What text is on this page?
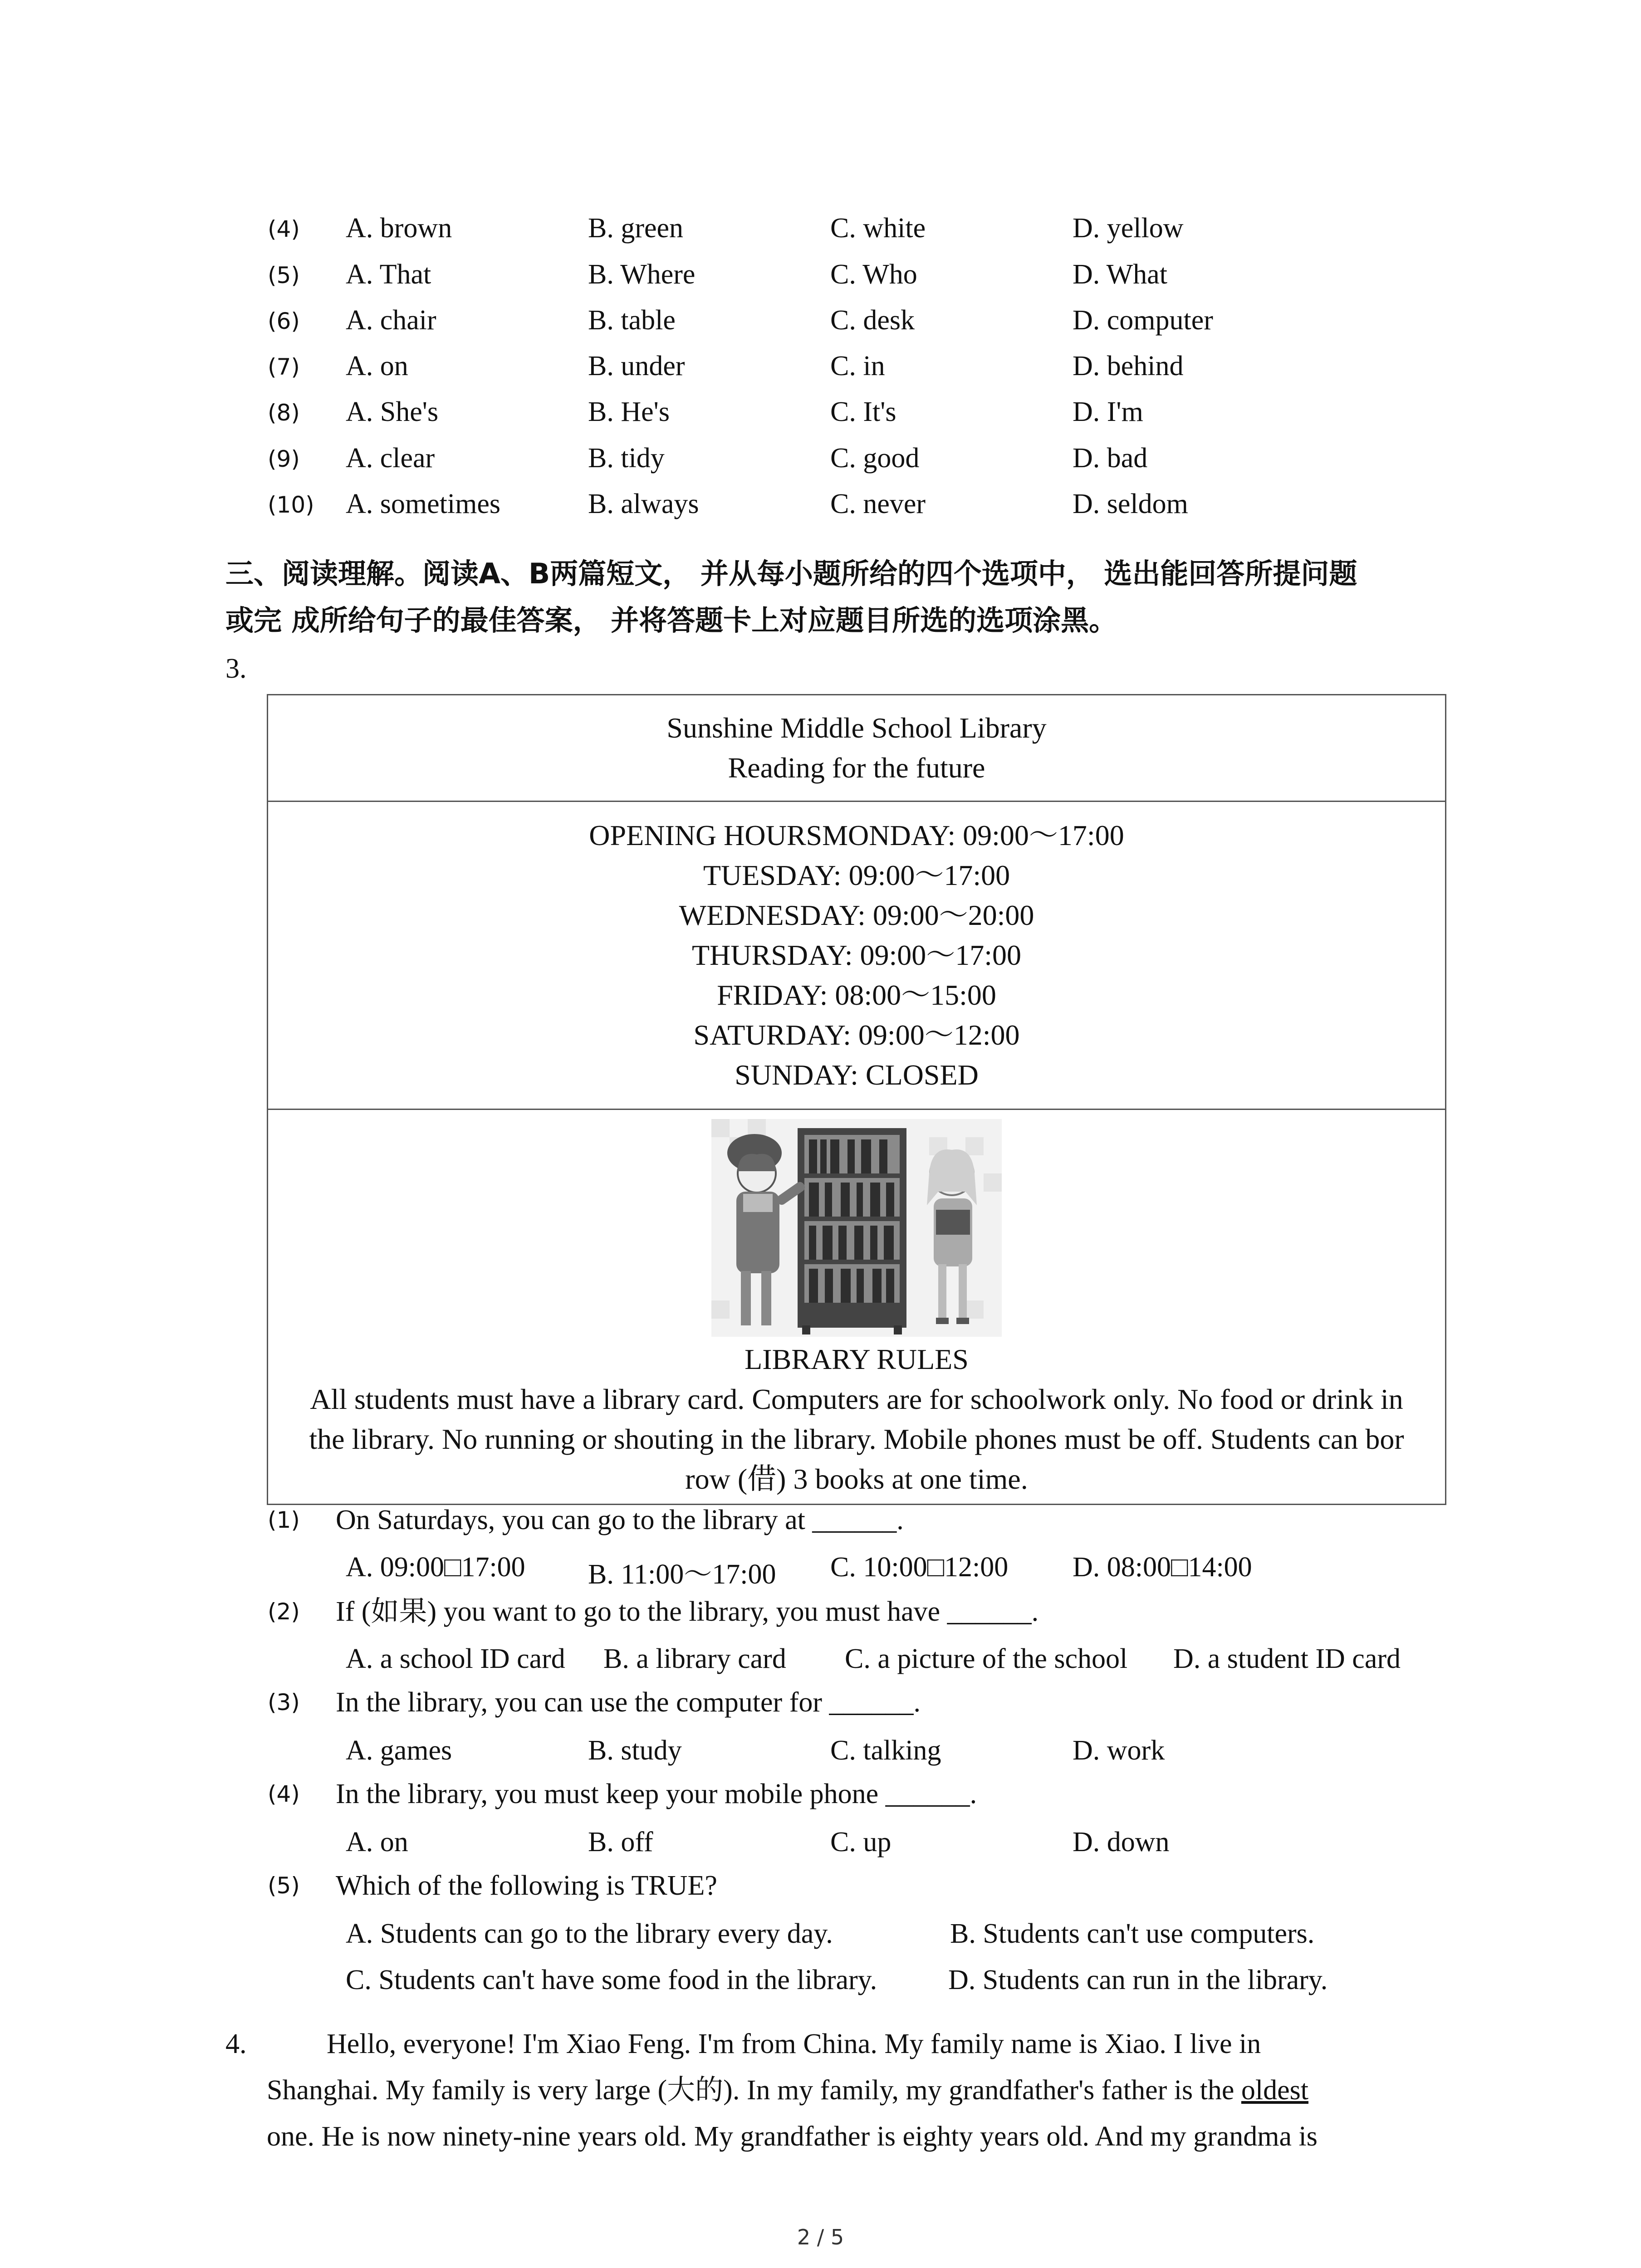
(4) A. brown	B. green	C. white	D. yellow
(5) A. That	B. Where	C. Who	D. What
(6) A. chair	B. table	C. desk	D. computer
(7) A. on	B. under	C. in	D. behind
(8) A. She's	B. He's	C. It's	D. I'm
(9) A. clear	B. tidy	C. good	D. bad
(10) A. sometimes	B. always	C. never	D. seldom
三、阅读理解。阅读A、B两篇短文， 并从每小题所给的四个选项中， 选出能回答所提问题
或完 成所给句子的最佳答案， 并将答题卡上对应题目所选的选项涂黑。
3.
Sunshine Middle School Library
Reading for the future

OPENING HOURSMONDAY: 09:00～17:00
TUESDAY: 09:00～17:00
WEDNESDAY: 09:00～20:00
THURSDAY: 09:00～17:00
FRIDAY: 08:00～15:00
SATURDAY: 09:00～12:00
SUNDAY: CLOSED

LIBRARY RULES
All students must have a library card. Computers are for schoolwork only. No food or drink in
the library. No running or shouting in the library. Mobile phones must be off. Students can bor
row (借) 3 books at one time.
(1) On Saturdays, you can go to the library at ______.
A. 09:00□17:00 B. 11:00～17:00 C. 10:00□12:00 D. 08:00□14:00
(2) If (如果) you want to go to the library, you must have ______.
A. a school ID card B. a library card C. a picture of the school D. a student ID card
(3) In the library, you can use the computer for ______.
A. games	B. study	C. talking	D. work
(4) In the library, you must keep your mobile phone ______.
A. on	B. off	C. up	D. down
(5) Which of the following is TRUE?
A. Students can go to the library every day.	B. Students can't use computers.
C. Students can't have some food in the library.	D. Students can run in the library.
4.	Hello, everyone! I'm Xiao Feng. I'm from China. My family name is Xiao. I live in
Shanghai. My family is very large (大的). In my family, my grandfather's father is the oldest
one. He is now ninety-nine years old. My grandfather is eighty years old. And my grandma is
2 / 5
